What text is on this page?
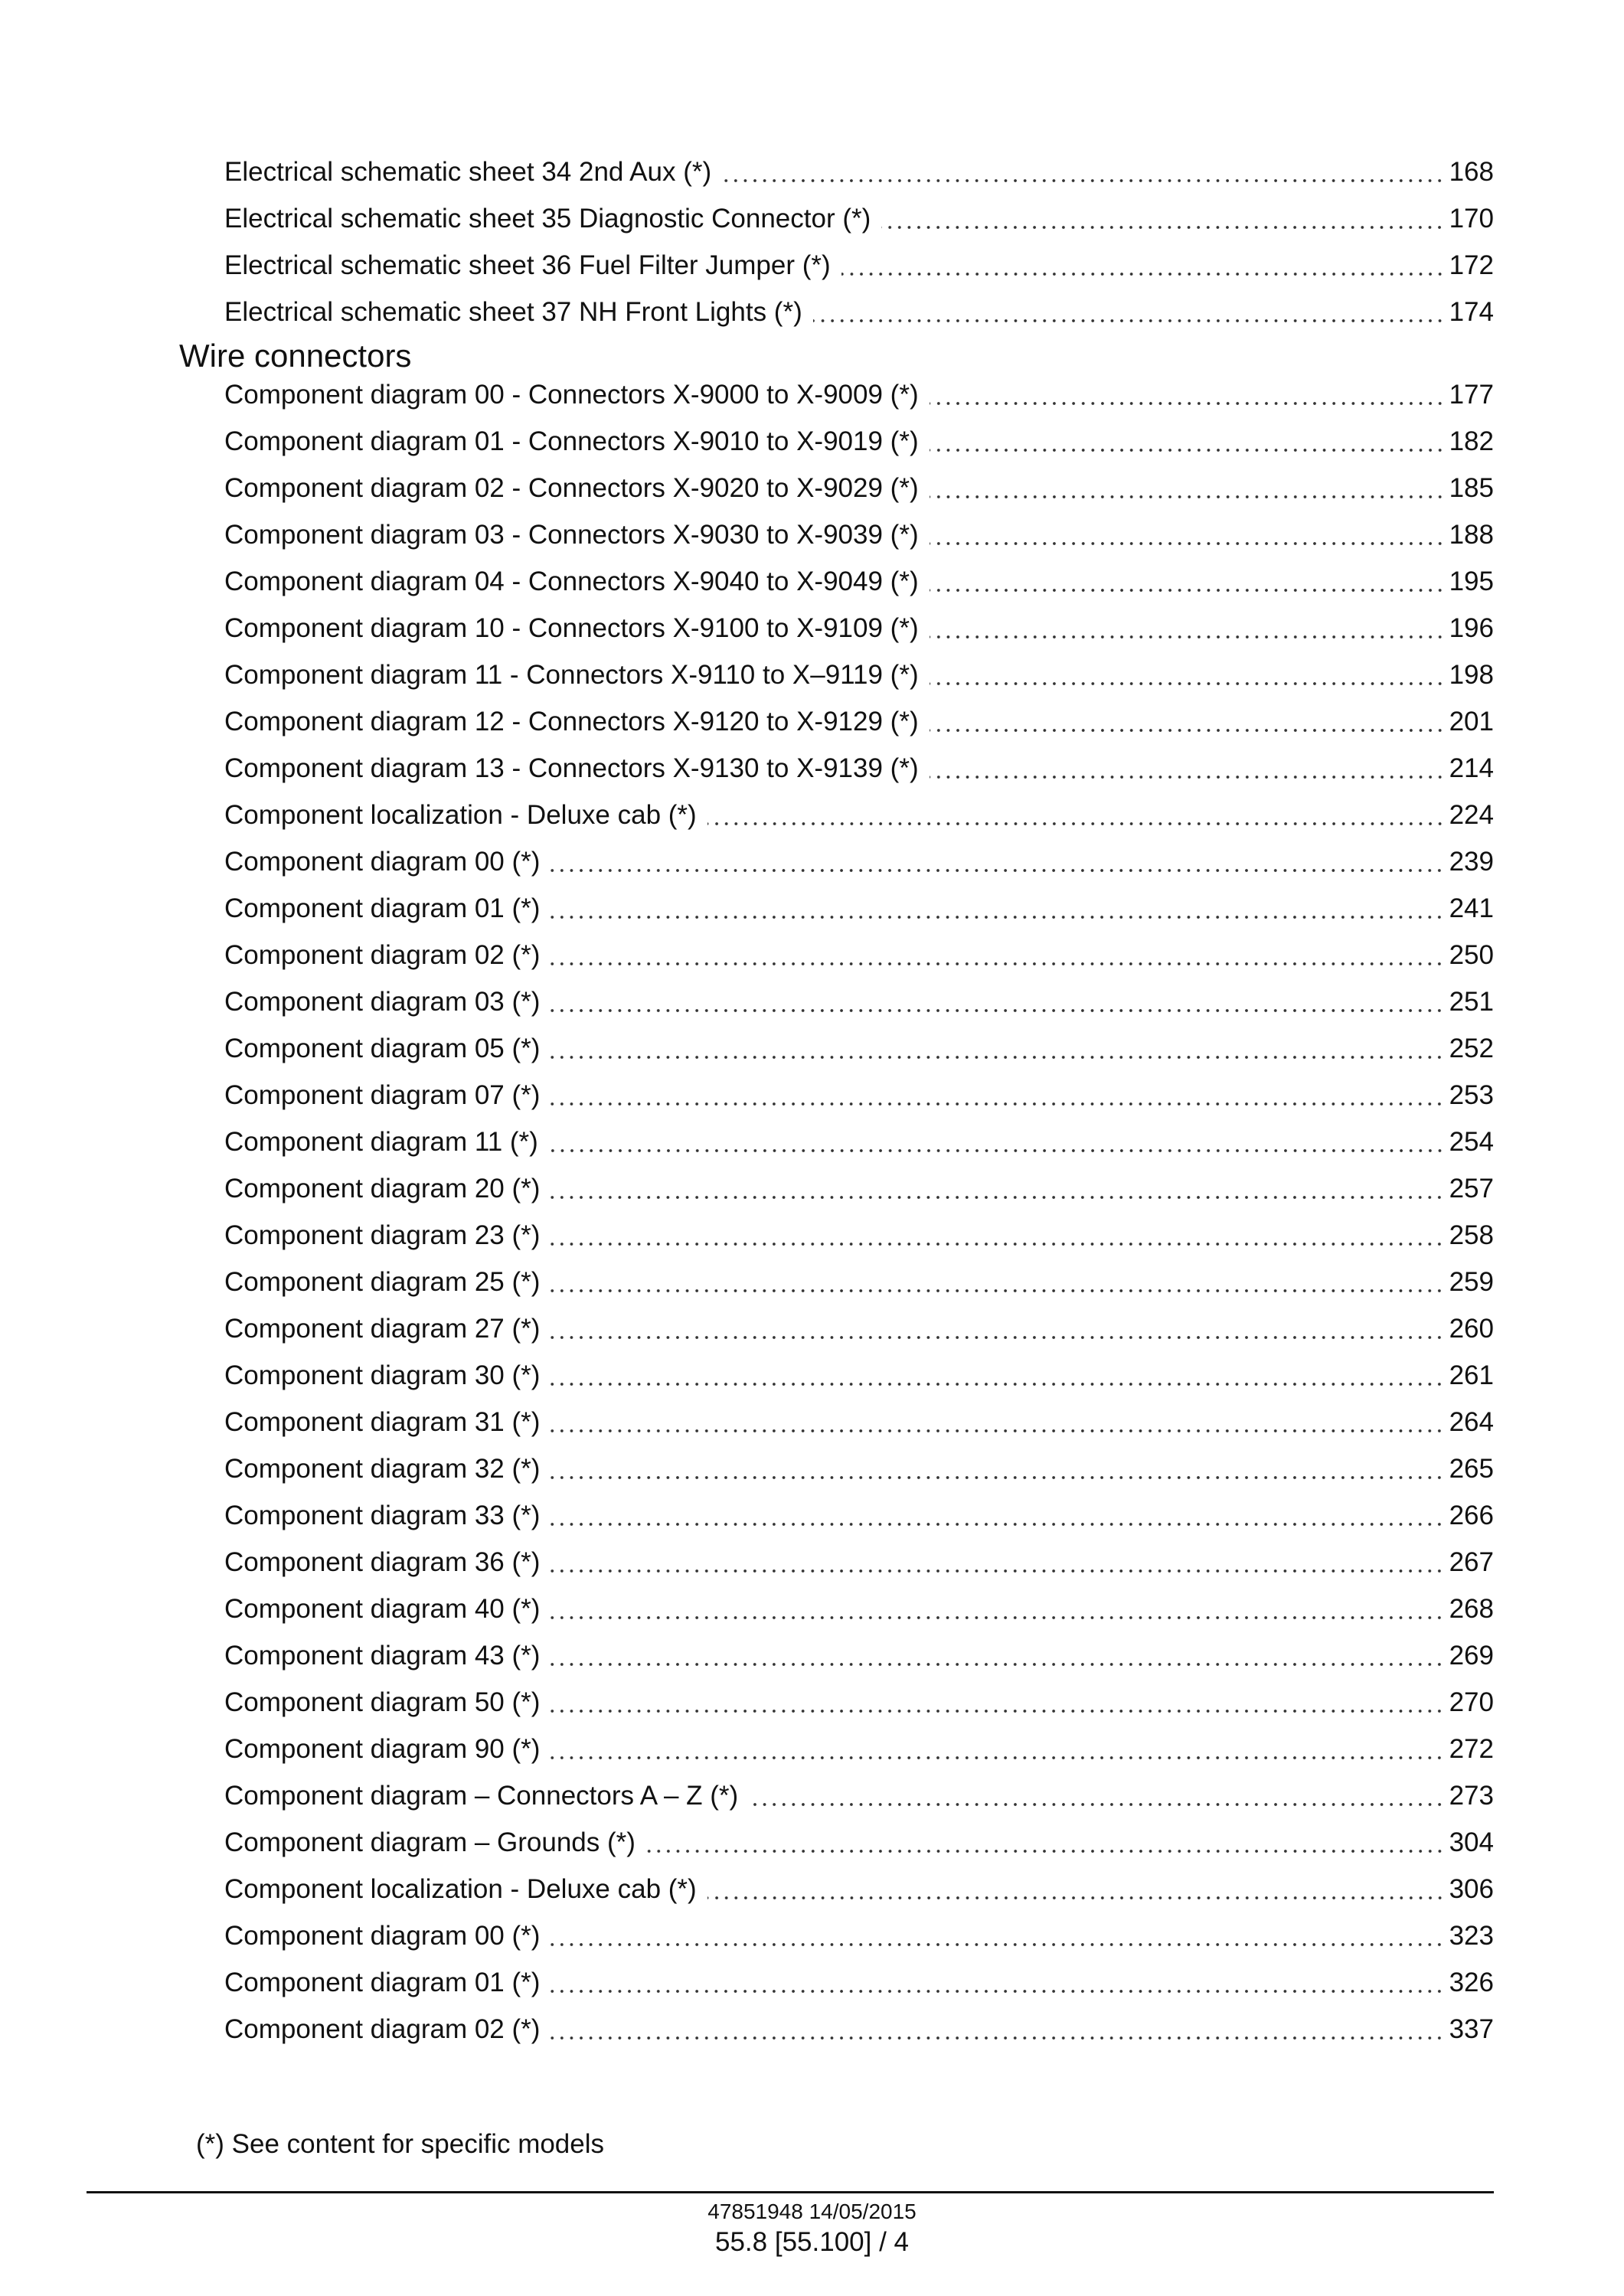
Electrical schematic sheet 34 2nd Aux (*)	168
Electrical schematic sheet 35 Diagnostic Connector (*)	170
Electrical schematic sheet 36 Fuel Filter Jumper (*)	172
Electrical schematic sheet 37 NH Front Lights (*)	174
Wire connectors
Component diagram 00 - Connectors X-9000 to X-9009 (*)	177
Component diagram 01 - Connectors X-9010 to X-9019 (*)	182
Component diagram 02 - Connectors X-9020 to X-9029 (*)	185
Component diagram 03 - Connectors X-9030 to X-9039 (*)	188
Component diagram 04 - Connectors X-9040 to X-9049 (*)	195
Component diagram 10 - Connectors X-9100 to X-9109 (*)	196
Component diagram 11 - Connectors X-9110 to X–9119 (*)	198
Component diagram 12 - Connectors X-9120 to X-9129 (*)	201
Component diagram 13 - Connectors X-9130 to X-9139 (*)	214
Component localization - Deluxe cab (*)	224
Component diagram 00 (*)	239
Component diagram 01 (*)	241
Component diagram 02 (*)	250
Component diagram 03 (*)	251
Component diagram 05 (*)	252
Component diagram 07 (*)	253
Component diagram 11 (*)	254
Component diagram 20 (*)	257
Component diagram 23 (*)	258
Component diagram 25 (*)	259
Component diagram 27 (*)	260
Component diagram 30 (*)	261
Component diagram 31 (*)	264
Component diagram 32 (*)	265
Component diagram 33 (*)	266
Component diagram 36 (*)	267
Component diagram 40 (*)	268
Component diagram 43 (*)	269
Component diagram 50 (*)	270
Component diagram 90 (*)	272
Component diagram – Connectors A – Z (*)	273
Component diagram – Grounds (*)	304
Component localization - Deluxe cab (*)	306
Component diagram 00 (*)	323
Component diagram 01 (*)	326
Component diagram 02 (*)	337
(*) See content for specific models
47851948 14/05/2015
55.8 [55.100] / 4
